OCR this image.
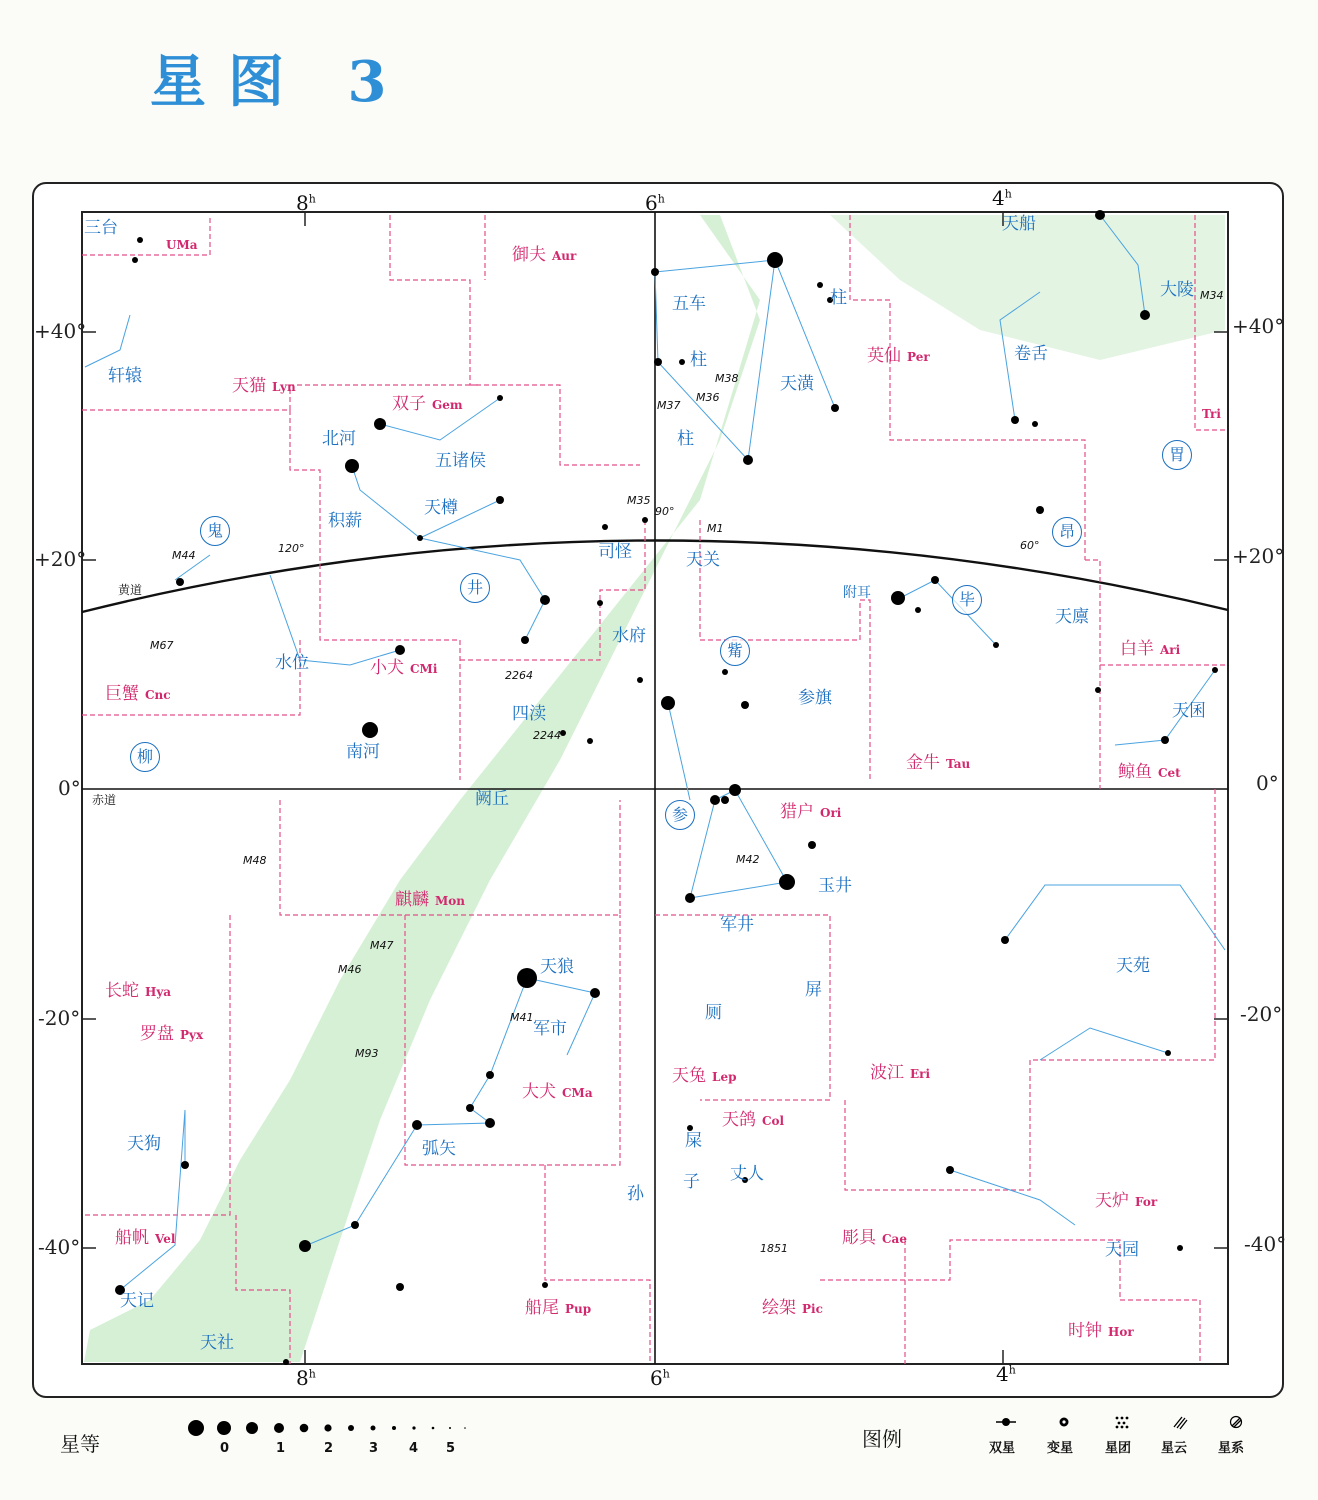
星图 3
8$^h$	6$^h$	4$^h$
8$^h$	6$^h$	$4^h$
+40°
+20°
0°
-20°
-40°
+40°
+20°
0°
-20°
-40°
黄道
赤道
120°
90°
60°
三台
UMa	御夫 Aur
天猫 Lyn
双子 Gem
英仙 Per
白羊 Ari
巨蟹 Cnc
小犬 CMi
金牛 Tau	鲸鱼 Cet
猎户 Ori
麒麟 Mon
长蛇 Hya
罗盘 Pyx
大犬 CMa
天兔 Lep	波江 Eri
天鸽 Col
船帆 Vel
船尾 Pup	绘架 Pic
彫具 Cae
天炉 For
时钟 Hor
Tri
轩辕
天船
大陵
五车	柱
柱
柱
天潢
卷舌
北河
五诸侯
天樽
积薪
司怪	天关
附耳
水府
参旗
水位
天廪
天囷
四渎
南河
阙丘
玉井
军井
屏
厕
天狼
军市
天苑
天狗	弧矢	屎
孙
子 丈人
天记
天社
天园
鬼
井
觜
毕
昂
胃
柳
参
M34
M38
M36
M37
M35
M1
M44
M67
M48
M47
M46
M93
M41
M42
2264
2244
1851
星等	0	1	2	3 4 5	图例	双星 变星 星团 星云 星系
